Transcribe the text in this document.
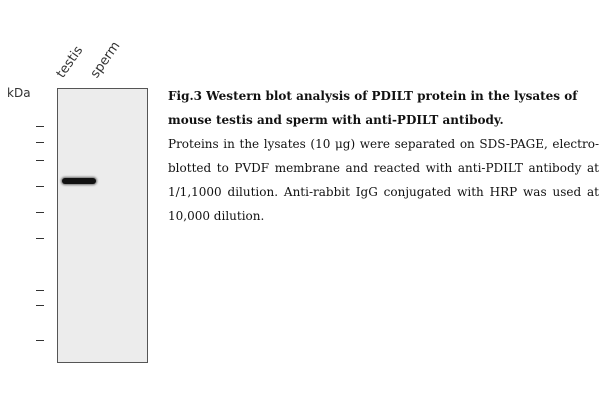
kDa
testis sperm
Fig.3 Western blot analysis of PDILT protein in the lysates of mouse testis and sperm with anti-PDILT antibody.
Proteins in the lysates (10 μg) were separated on SDS-PAGE, electro-blotted to PVDF membrane and reacted with anti-PDILT antibody at 1/1,1000 dilution. Anti-rabbit IgG conjugated with HRP was used at 10,000 dilution.
